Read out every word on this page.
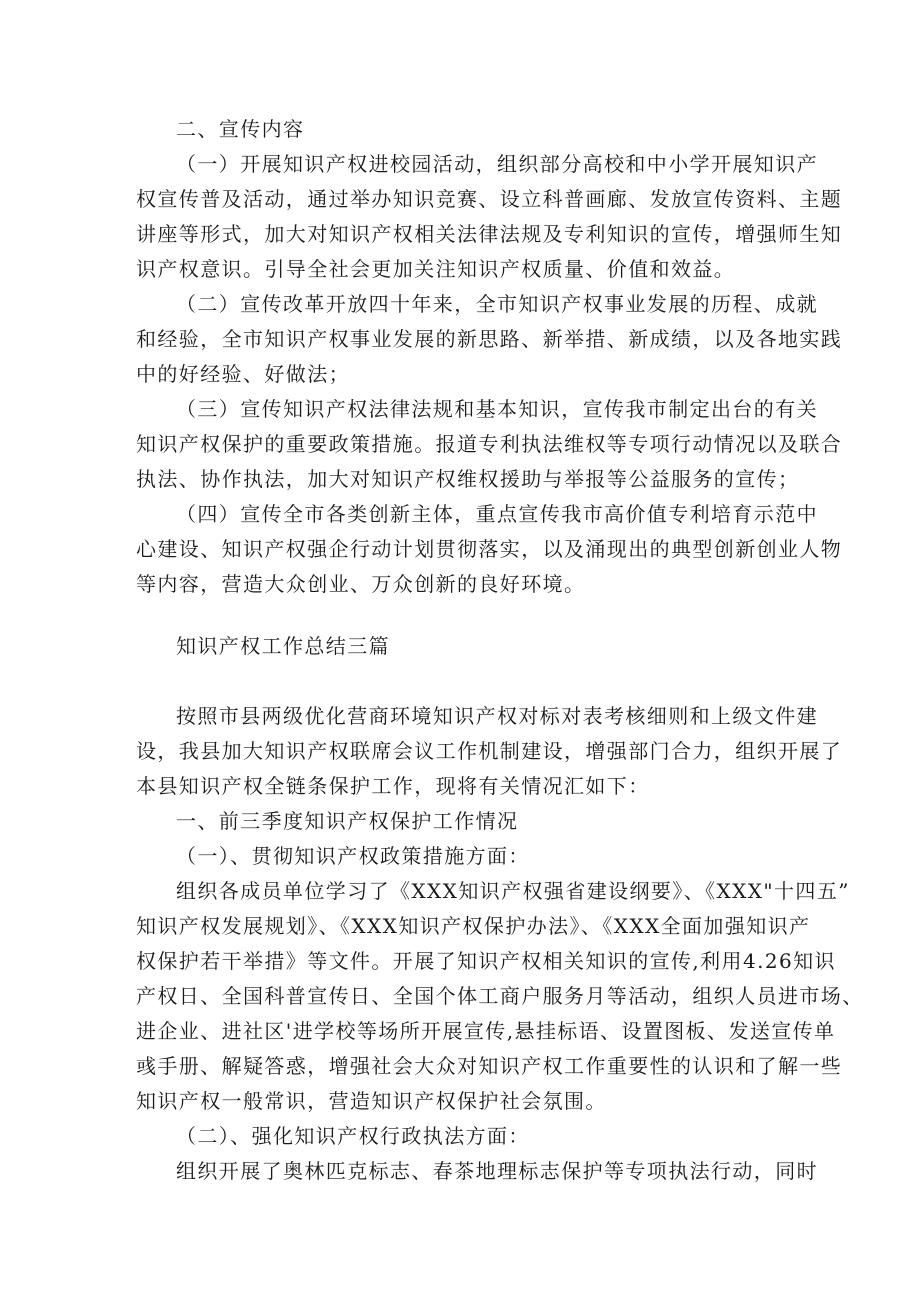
二、宣传内容
（一）开展知识产权进校园活动，组织部分高校和中小学开展知识产
权宣传普及活动，通过举办知识竞赛、设立科普画廊、发放宣传资料、主题
讲座等形式，加大对知识产权相关法律法规及专利知识的宣传，增强师生知
识产权意识。引导全社会更加关注知识产权质量、价值和效益。
（二）宣传改革开放四十年来，全市知识产权事业发展的历程、成就
和经验，全市知识产权事业发展的新思路、新举措、新成绩，以及各地实践
中的好经验、好做法；
（三）宣传知识产权法律法规和基本知识，宣传我市制定出台的有关
知识产权保护的重要政策措施。报道专利执法维权等专项行动情况以及联合
执法、协作执法，加大对知识产权维权援助与举报等公益服务的宣传；
（四）宣传全市各类创新主体，重点宣传我市高价值专利培育示范中
心建设、知识产权强企行动计划贯彻落实，以及涌现出的典型创新创业人物
等内容，营造大众创业、万众创新的良好环境。
知识产权工作总结三篇
按照市县两级优化营商环境知识产权对标对表考核细则和上级文件建
设，我县加大知识产权联席会议工作机制建设，增强部门合力，组织开展了
本县知识产权全链条保护工作，现将有关情况汇如下：
一、前三季度知识产权保护工作情况
（一）、贯彻知识产权政策措施方面：
组织各成员单位学习了《XXX知识产权强省建设纲要》、《XXX"十四五”
知识产权发展规划》、《XXX知识产权保护办法》、《XXX全面加强知识产
权保护若干举措》等文件。开展了知识产权相关知识的宣传,利用4.26知识
产权日、全国科普宣传日、全国个体工商户服务月等活动，组织人员进市场、
进企业、进社区'进学校等场所开展宣传,悬挂标语、设置图板、发送宣传单
彧手册、解疑答惑，增强社会大众对知识产权工作重要性的认识和了解一些
知识产权一般常识，营造知识产权保护社会氛围。
（二）、强化知识产权行政执法方面：
组织开展了奥林匹克标志、春茶地理标志保护等专项执法行动，同时
